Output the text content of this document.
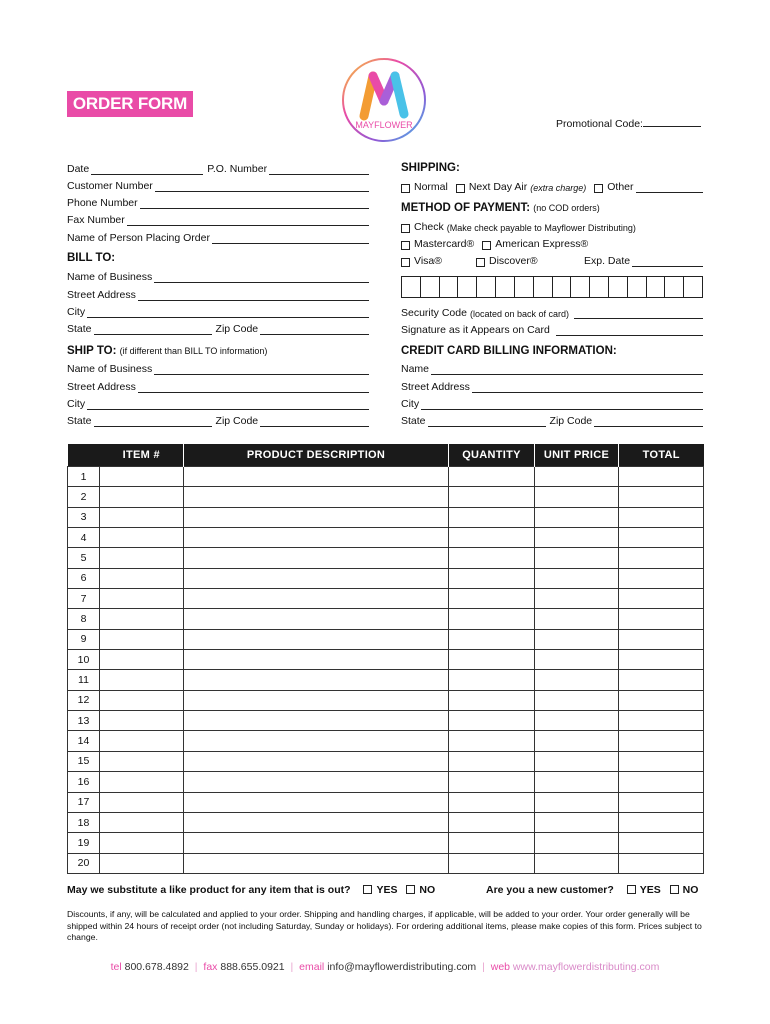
ORDER FORM
MAYFLOWER	Promotional Code:
Date	P.O. Number
Customer Number
Phone Number
Fax Number
Name of Person Placing Order
BILL TO:
Name of Business
Street Address
City
State	Zip Code
SHIP TO: (if different than BILL TO information)
Name of Business
Street Address
City
State	Zip Code
SHIPPING:
Normal Next Day Air (extra charge) Other
METHOD OF PAYMENT: (no COD orders)
Check (Make check payable to Mayflower Distributing)
Mastercard® American Express®
Visa®	Discover®	Exp. Date
Security Code (located on back of card)
Signature as it Appears on Card
CREDIT CARD BILLING INFORMATION:
Name
Street Address
City
State	Zip Code
	ITEM #	PRODUCT DESCRIPTION	QUANTITY	UNIT PRICE	TOTAL
1					
2					
3					
4					
5					
6					
7					
8					
9					
10					
11					
12					
13					
14					
15					
16					
17					
18					
19					
20					
May we substitute a like product for any item that is out? YES NO	Are you a new customer? YES NO
Discounts, if any, will be calculated and applied to your order. Shipping and handling charges, if applicable, will be added to your order. Your order generally will be shipped within 24 hours of receipt order (not including Saturday, Sunday or holidays). For ordering additional items, please make copies of this form. Prices subject to change.
tel 800.678.4892 | fax 888.655.0921 | email info@mayflowerdistributing.com | web www.mayflowerdistributing.com
